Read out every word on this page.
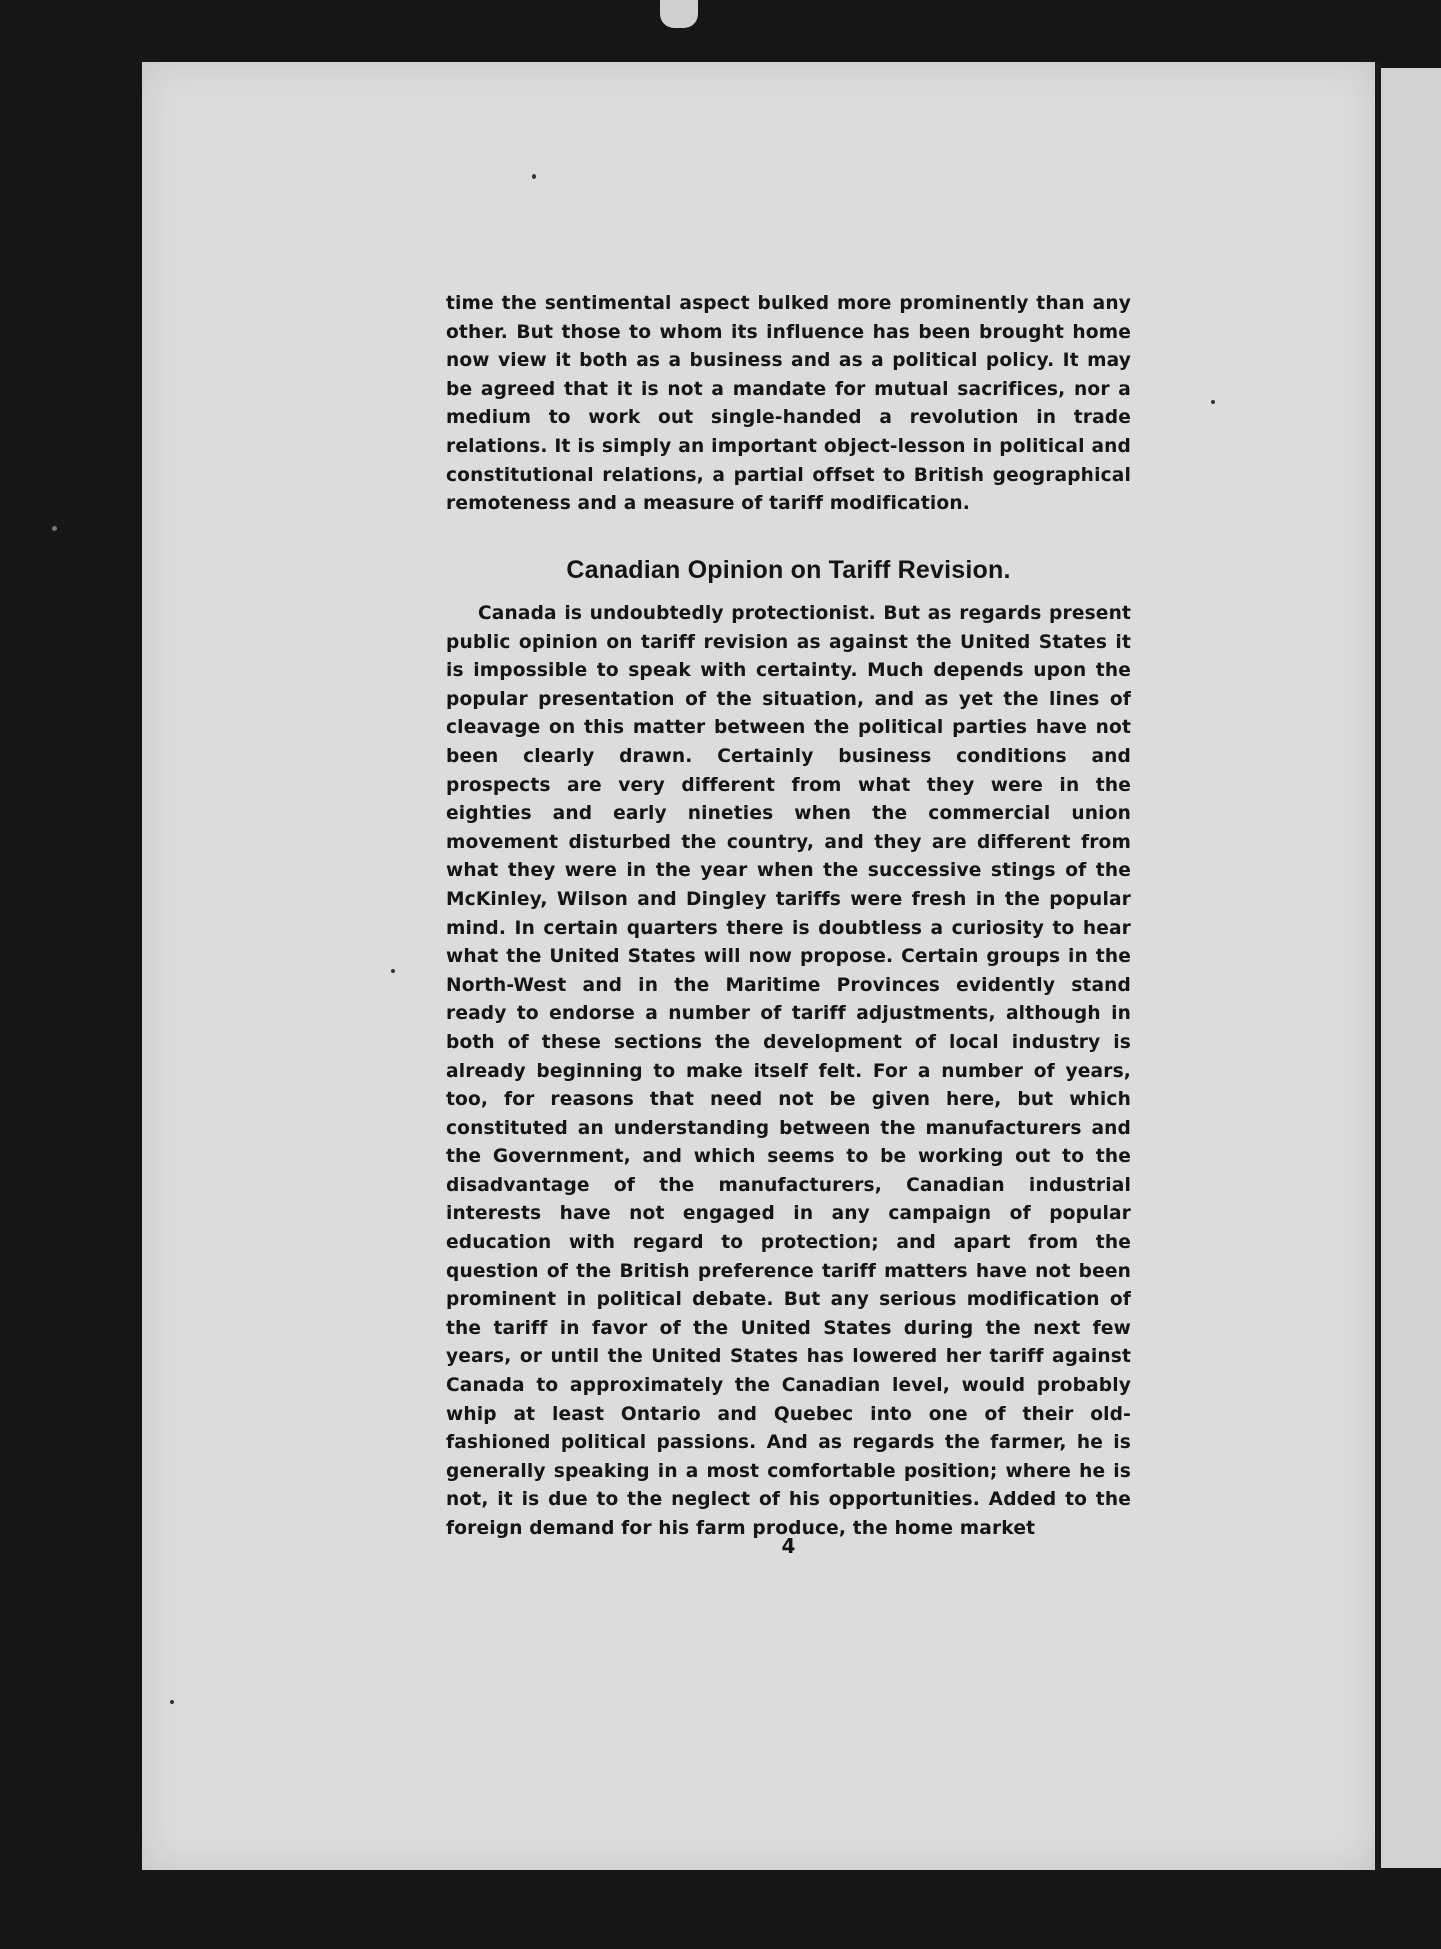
time the sentimental aspect bulked more prominently than any other. But those to whom its influence has been brought home now view it both as a business and as a political policy. It may be agreed that it is not a mandate for mutual sacrifices, nor a medium to work out single-handed a revolution in trade relations. It is simply an important object-lesson in political and constitutional relations, a partial offset to British geographical remoteness and a measure of tariff modification.

Canadian Opinion on Tariff Revision.

Canada is undoubtedly protectionist. But as regards present public opinion on tariff revision as against the United States it is impossible to speak with certainty. Much depends upon the popular presentation of the situation, and as yet the lines of cleavage on this matter between the political parties have not been clearly drawn. Certainly business conditions and prospects are very different from what they were in the eighties and early nineties when the commercial union movement disturbed the country, and they are different from what they were in the year when the successive stings of the McKinley, Wilson and Dingley tariffs were fresh in the popular mind. In certain quarters there is doubtless a curiosity to hear what the United States will now propose. Certain groups in the North-West and in the Maritime Provinces evidently stand ready to endorse a number of tariff adjustments, although in both of these sections the development of local industry is already beginning to make itself felt. For a number of years, too, for reasons that need not be given here, but which constituted an understanding between the manufacturers and the Government, and which seems to be working out to the disadvantage of the manufacturers, Canadian industrial interests have not engaged in any campaign of popular education with regard to protection; and apart from the question of the British preference tariff matters have not been prominent in political debate. But any serious modification of the tariff in favor of the United States during the next few years, or until the United States has lowered her tariff against Canada to approximately the Canadian level, would probably whip at least Ontario and Quebec into one of their old-fashioned political passions. And as regards the farmer, he is generally speaking in a most comfortable position; where he is not, it is due to the neglect of his opportunities. Added to the foreign demand for his farm produce, the home market

4
